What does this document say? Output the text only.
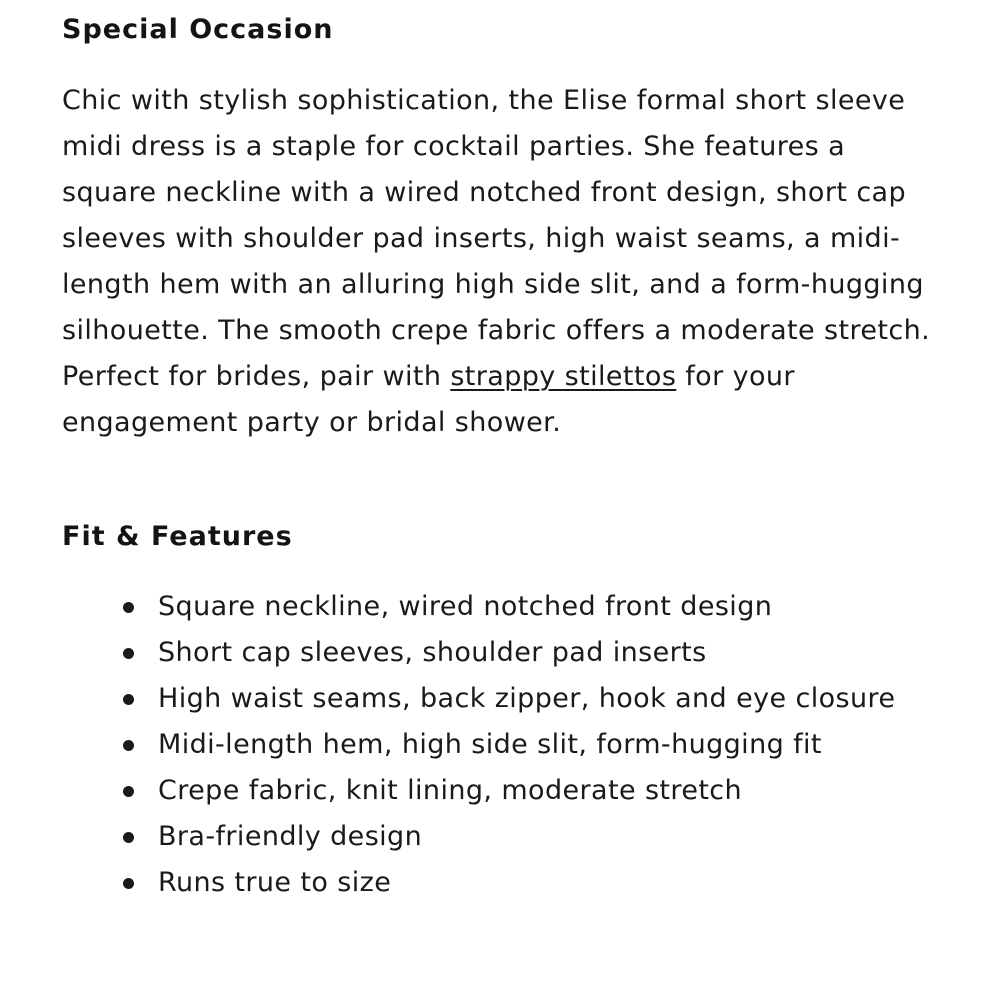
Special Occasion

Chic with stylish sophistication, the Elise formal short sleeve midi dress is a staple for cocktail parties. She features a square neckline with a wired notched front design, short cap sleeves with shoulder pad inserts, high waist seams, a midi-length hem with an alluring high side slit, and a form-hugging silhouette. The smooth crepe fabric offers a moderate stretch. Perfect for brides, pair with strappy stilettos for your engagement party or bridal shower.

Fit & Features
Square neckline, wired notched front design
Short cap sleeves, shoulder pad inserts
High waist seams, back zipper, hook and eye closure
Midi-length hem, high side slit, form-hugging fit
Crepe fabric, knit lining, moderate stretch
Bra-friendly design
Runs true to size
